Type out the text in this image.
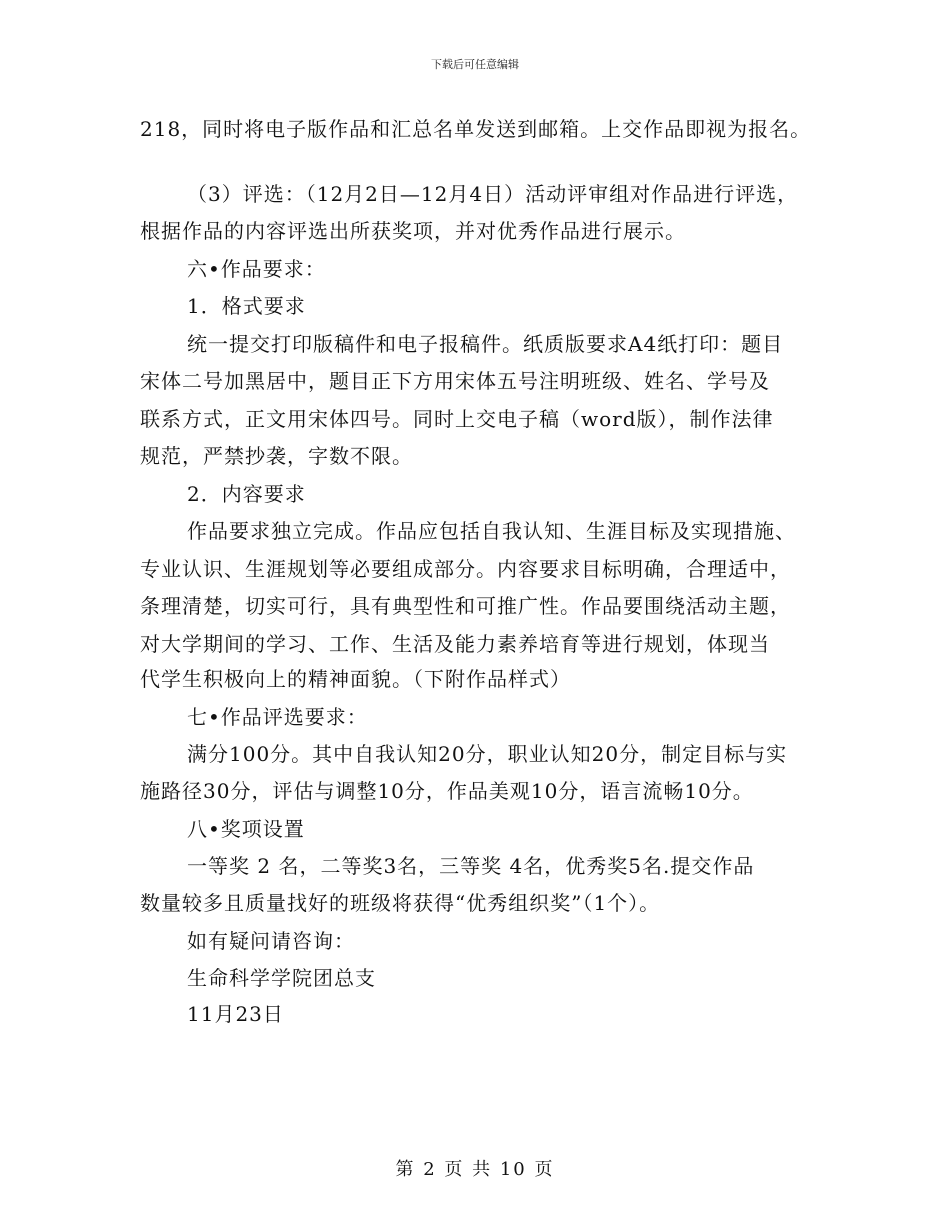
下载后可任意编辑
218，同时将电子版作品和汇总名单发送到邮箱。上交作品即视为报名。
（3）评选：（12月2日—12月4日）活动评审组对作品进行评选，
根据作品的内容评选出所获奖项，并对优秀作品进行展示。
六•作品要求：
1．格式要求
统一提交打印版稿件和电子报稿件。纸质版要求A4纸打印：题目
宋体二号加黑居中，题目正下方用宋体五号注明班级、姓名、学号及
联系方式，正文用宋体四号。同时上交电子稿（word版），制作法律
规范，严禁抄袭，字数不限。
2．内容要求
作品要求独立完成。作品应包括自我认知、生涯目标及实现措施、
专业认识、生涯规划等必要组成部分。内容要求目标明确，合理适中，
条理清楚，切实可行，具有典型性和可推广性。作品要围绕活动主题，
对大学期间的学习、工作、生活及能力素养培育等进行规划，体现当
代学生积极向上的精神面貌。（下附作品样式）
七•作品评选要求：
满分100分。其中自我认知20分，职业认知20分，制定目标与实
施路径30分，评估与调整10分，作品美观10分，语言流畅10分。
八•奖项设置
一等奖 2 名，二等奖3名，三等奖 4名，优秀奖5名.提交作品
数量较多且质量找好的班级将获得“优秀组织奖”（1个）。
如有疑问请咨询：
生命科学学院团总支
11月23日
第 2 页 共 10 页
